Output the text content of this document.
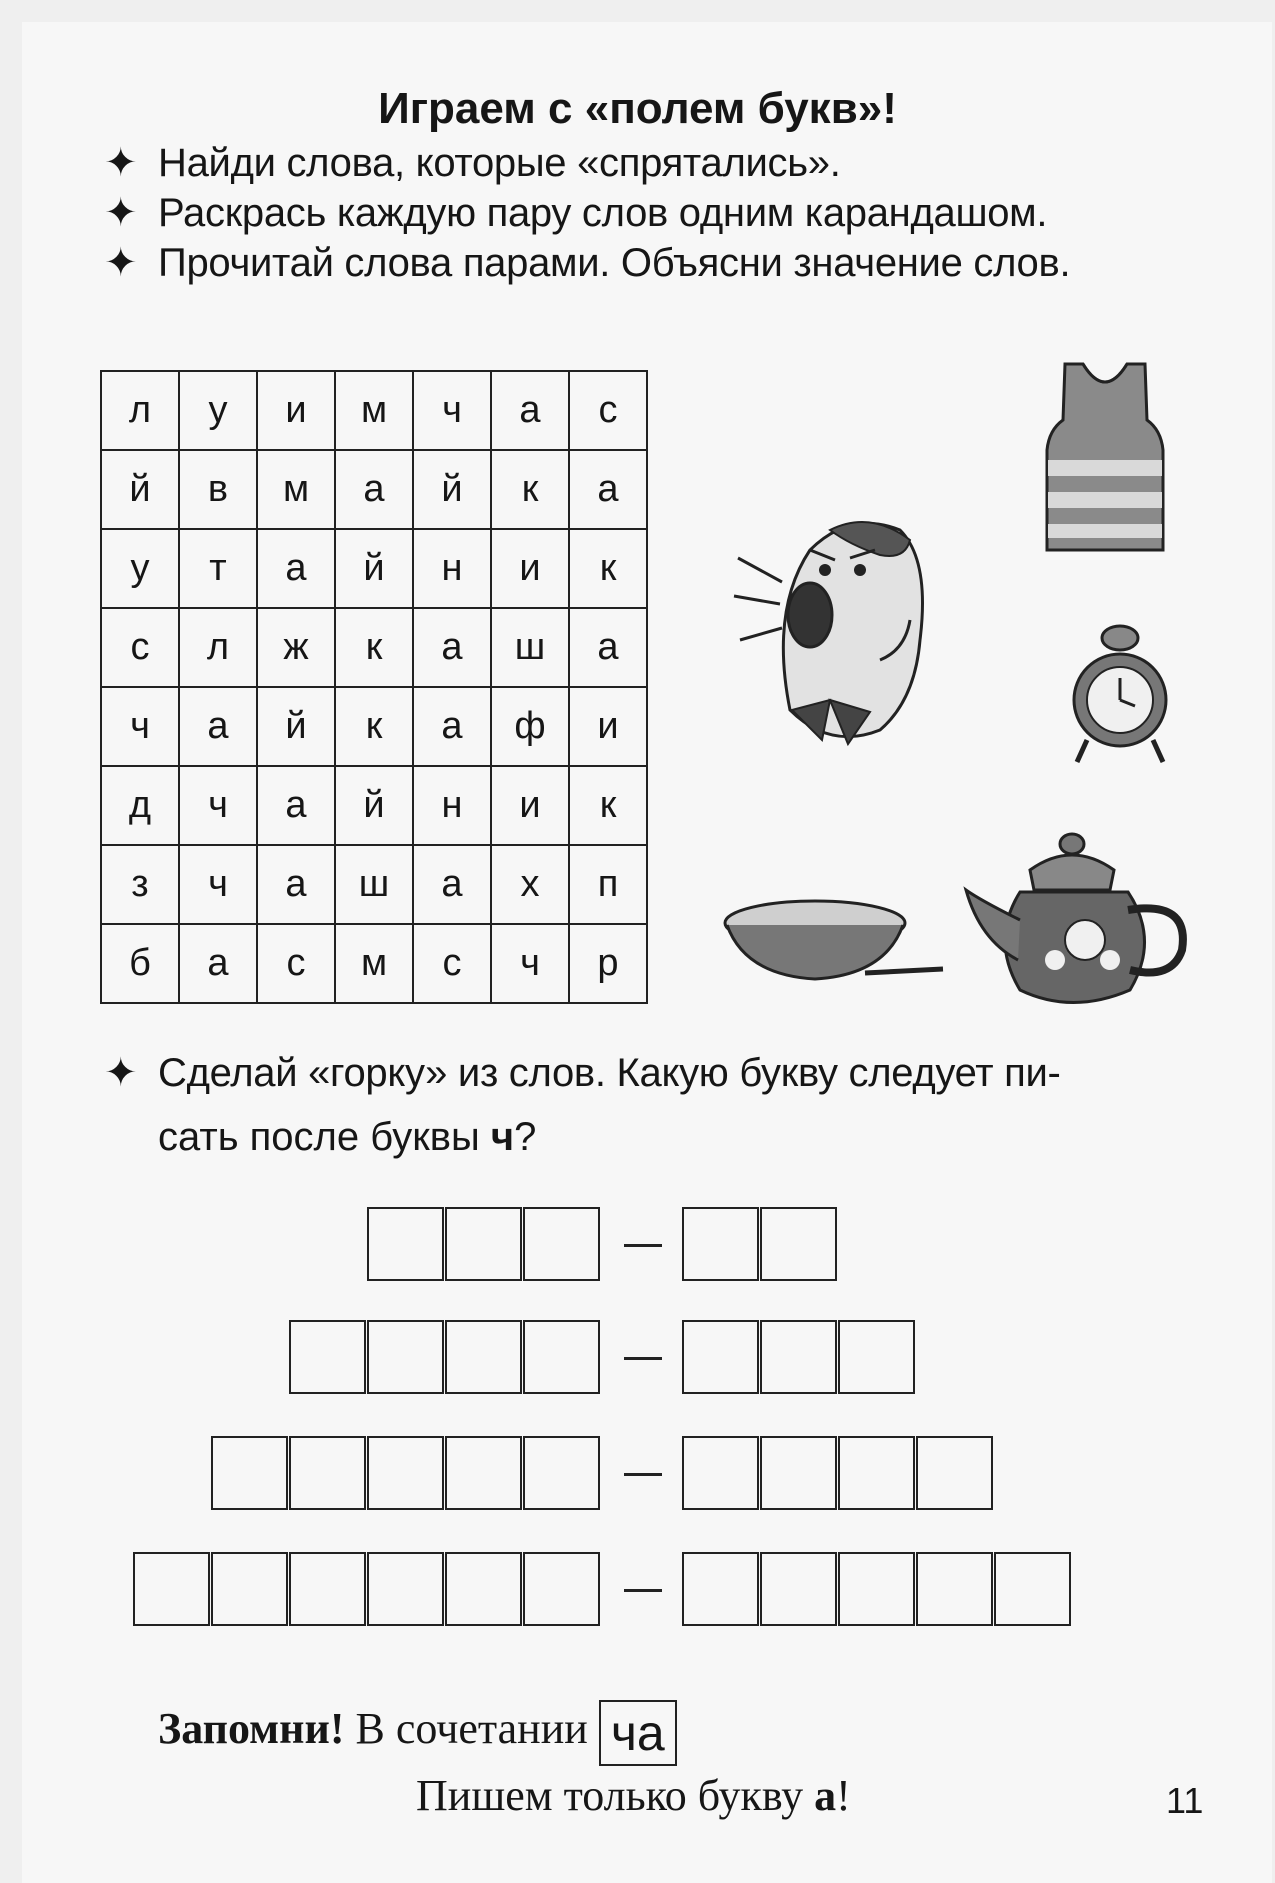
Играем с «полем букв»!
✦ Найди слова, которые «спрятались».
✦ Раскрась каждую пару слов одним карандашом.
✦ Прочитай слова парами. Объясни значение слов.
л	у	и	м	ч	а	с
й	в	м	а	й	к	а
у	т	а	й	н	и	к
с	л	ж	к	а	ш	а
ч	а	й	к	а	ф	и
д	ч	а	й	н	и	к
з	ч	а	ш	а	х	п
б	а	с	м	с	ч	р
✦ Сделай «горку» из слов. Какую букву следует пи-
сать после буквы ч?
Запомни! В сочетании ча
Пишем только букву а!	11
